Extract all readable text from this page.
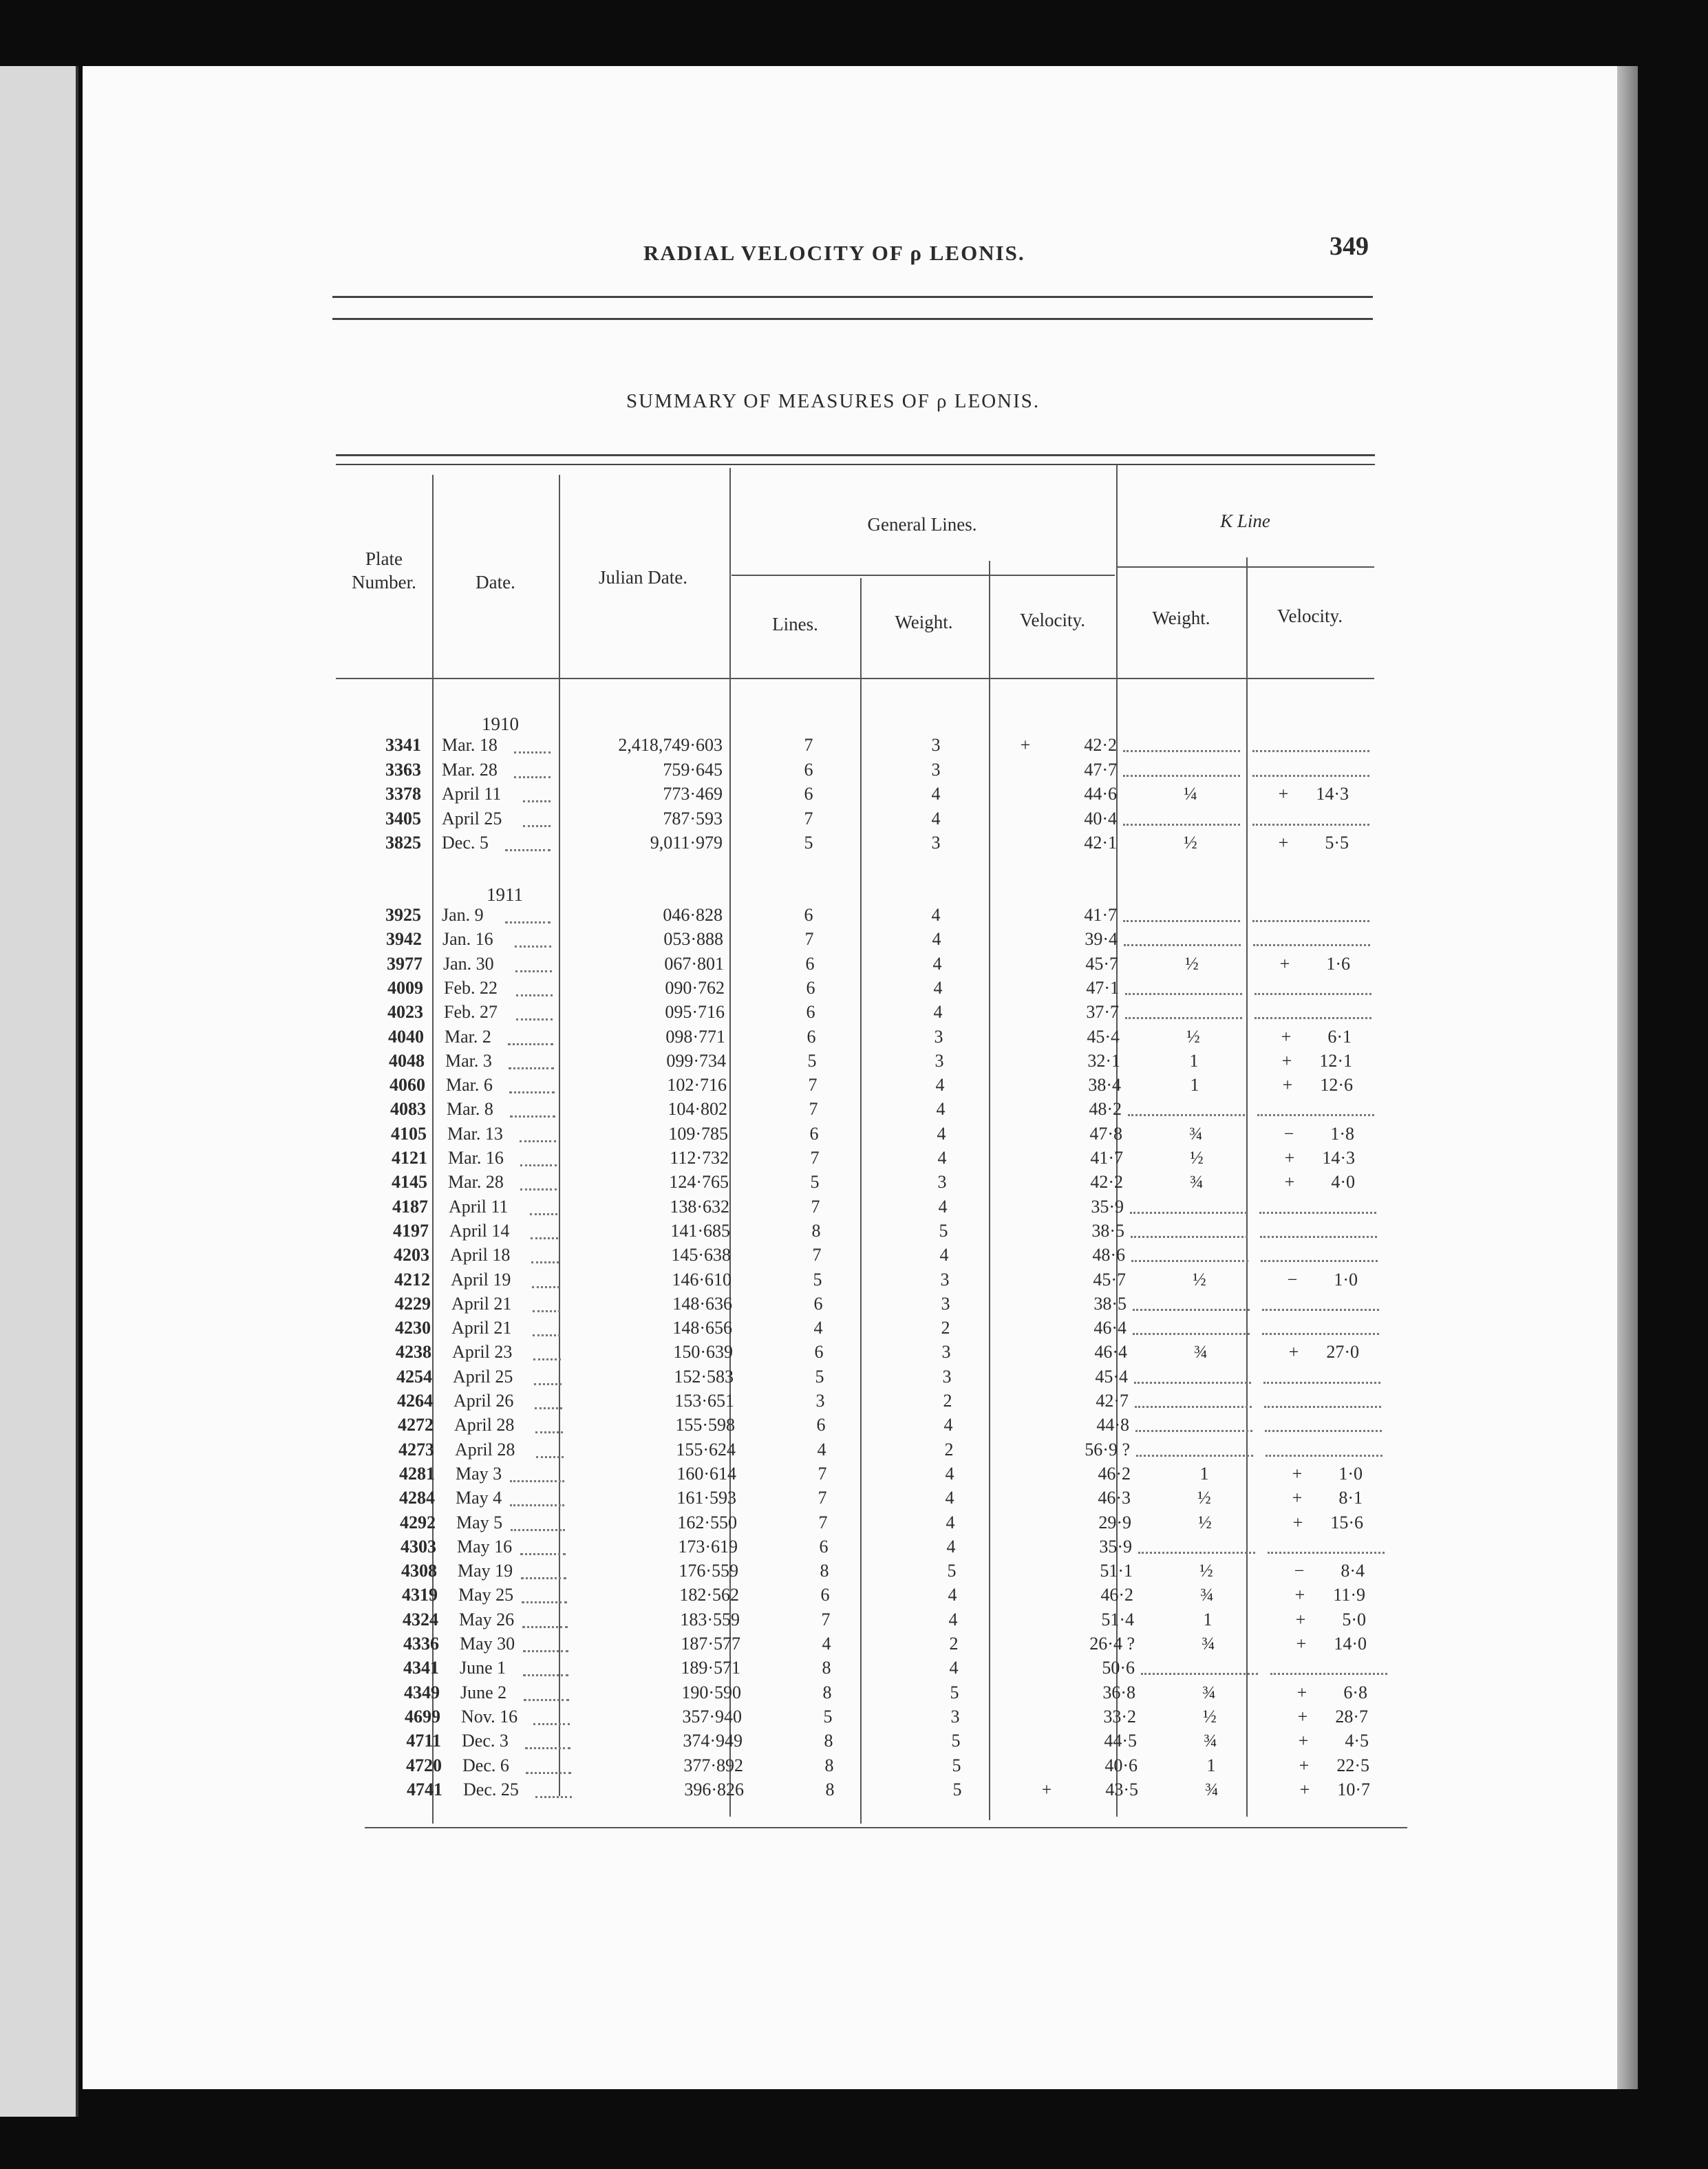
RADIAL VELOCITY OF ρ LEONIS.	349
SUMMARY OF MEASURES OF ρ LEONIS.
Plate
Number.	Date.	Julian Date.
General Lines.	K Line
Lines.	Weight.	Velocity.	Weight.	Velocity.
1910
1911
3341 Mar. 18	2,418,749·603	7	3	+	42·2
3363 Mar. 28	759·645	6	3	47·7
3378 April 11	773·469	6	4	44·6	¼	+	14·3
3405 April 25	787·593	7	4	40·4
3825 Dec. 5	9,011·979	5	3	42·1	½	+	5·5
3925 Jan. 9	046·828	6	4	41·7
3942 Jan. 16	053·888	7	4	39·4
3977 Jan. 30	067·801	6	4	45·7	½	+	1·6
4009 Feb. 22	090·762	6	4	47·1
4023 Feb. 27	095·716	6	4	37·7
4040 Mar. 2	098·771	6	3	45·4	½	+	6·1
4048 Mar. 3	099·734	5	3	32·1	1	+	12·1
4060 Mar. 6	102·716	7	4	38·4	1	+	12·6
4083 Mar. 8	104·802	7	4	48·2
4105 Mar. 13	109·785	6	4	47·8	¾	−	1·8
4121 Mar. 16	112·732	7	4	41·7	½	+	14·3
4145 Mar. 28	124·765	5	3	42·2	¾	+	4·0
4187 April 11	138·632	7	4	35·9
4197 April 14	141·685	8	5	38·5
4203 April 18	145·638	7	4	48·6
4212 April 19	146·610	5	3	45·7	½	−	1·0
4229 April 21	148·636	6	3	38·5
4230 April 21	148·656	4	2	46·4
4238 April 23	150·639	6	3	46·4	¾	+	27·0
4254 April 25	152·583	5	3	45·4
4264 April 26	153·651	3	2	42·7
4272 April 28	155·598	6	4	44·8
4273 April 28	155·624	4	2	56·9 ?
4281 May 3	160·614	7	4	46·2	1	+	1·0
4284 May 4	161·593	7	4	46·3	½	+	8·1
4292 May 5	162·550	7	4	29·9	½	+	15·6
4303 May 16	173·619	6	4	35·9
4308 May 19	176·559	8	5	51·1	½	−	8·4
4319 May 25	182·562	6	4	46·2	¾	+	11·9
4324 May 26	183·559	7	4	51·4	1	+	5·0
4336 May 30	187·577	4	2	26·4 ?	¾	+	14·0
4341 June 1	189·571	8	4	50·6
4349 June 2	190·590	8	5	36·8	¾	+	6·8
4699 Nov. 16	357·940	5	3	33·2	½	+	28·7
4711 Dec. 3	374·949	8	5	44·5	¾	+	4·5
4720 Dec. 6	377·892	8	5	40·6	1	+	22·5
4741 Dec. 25	396·826	8	5	+	43·5	¾	+	10·7
